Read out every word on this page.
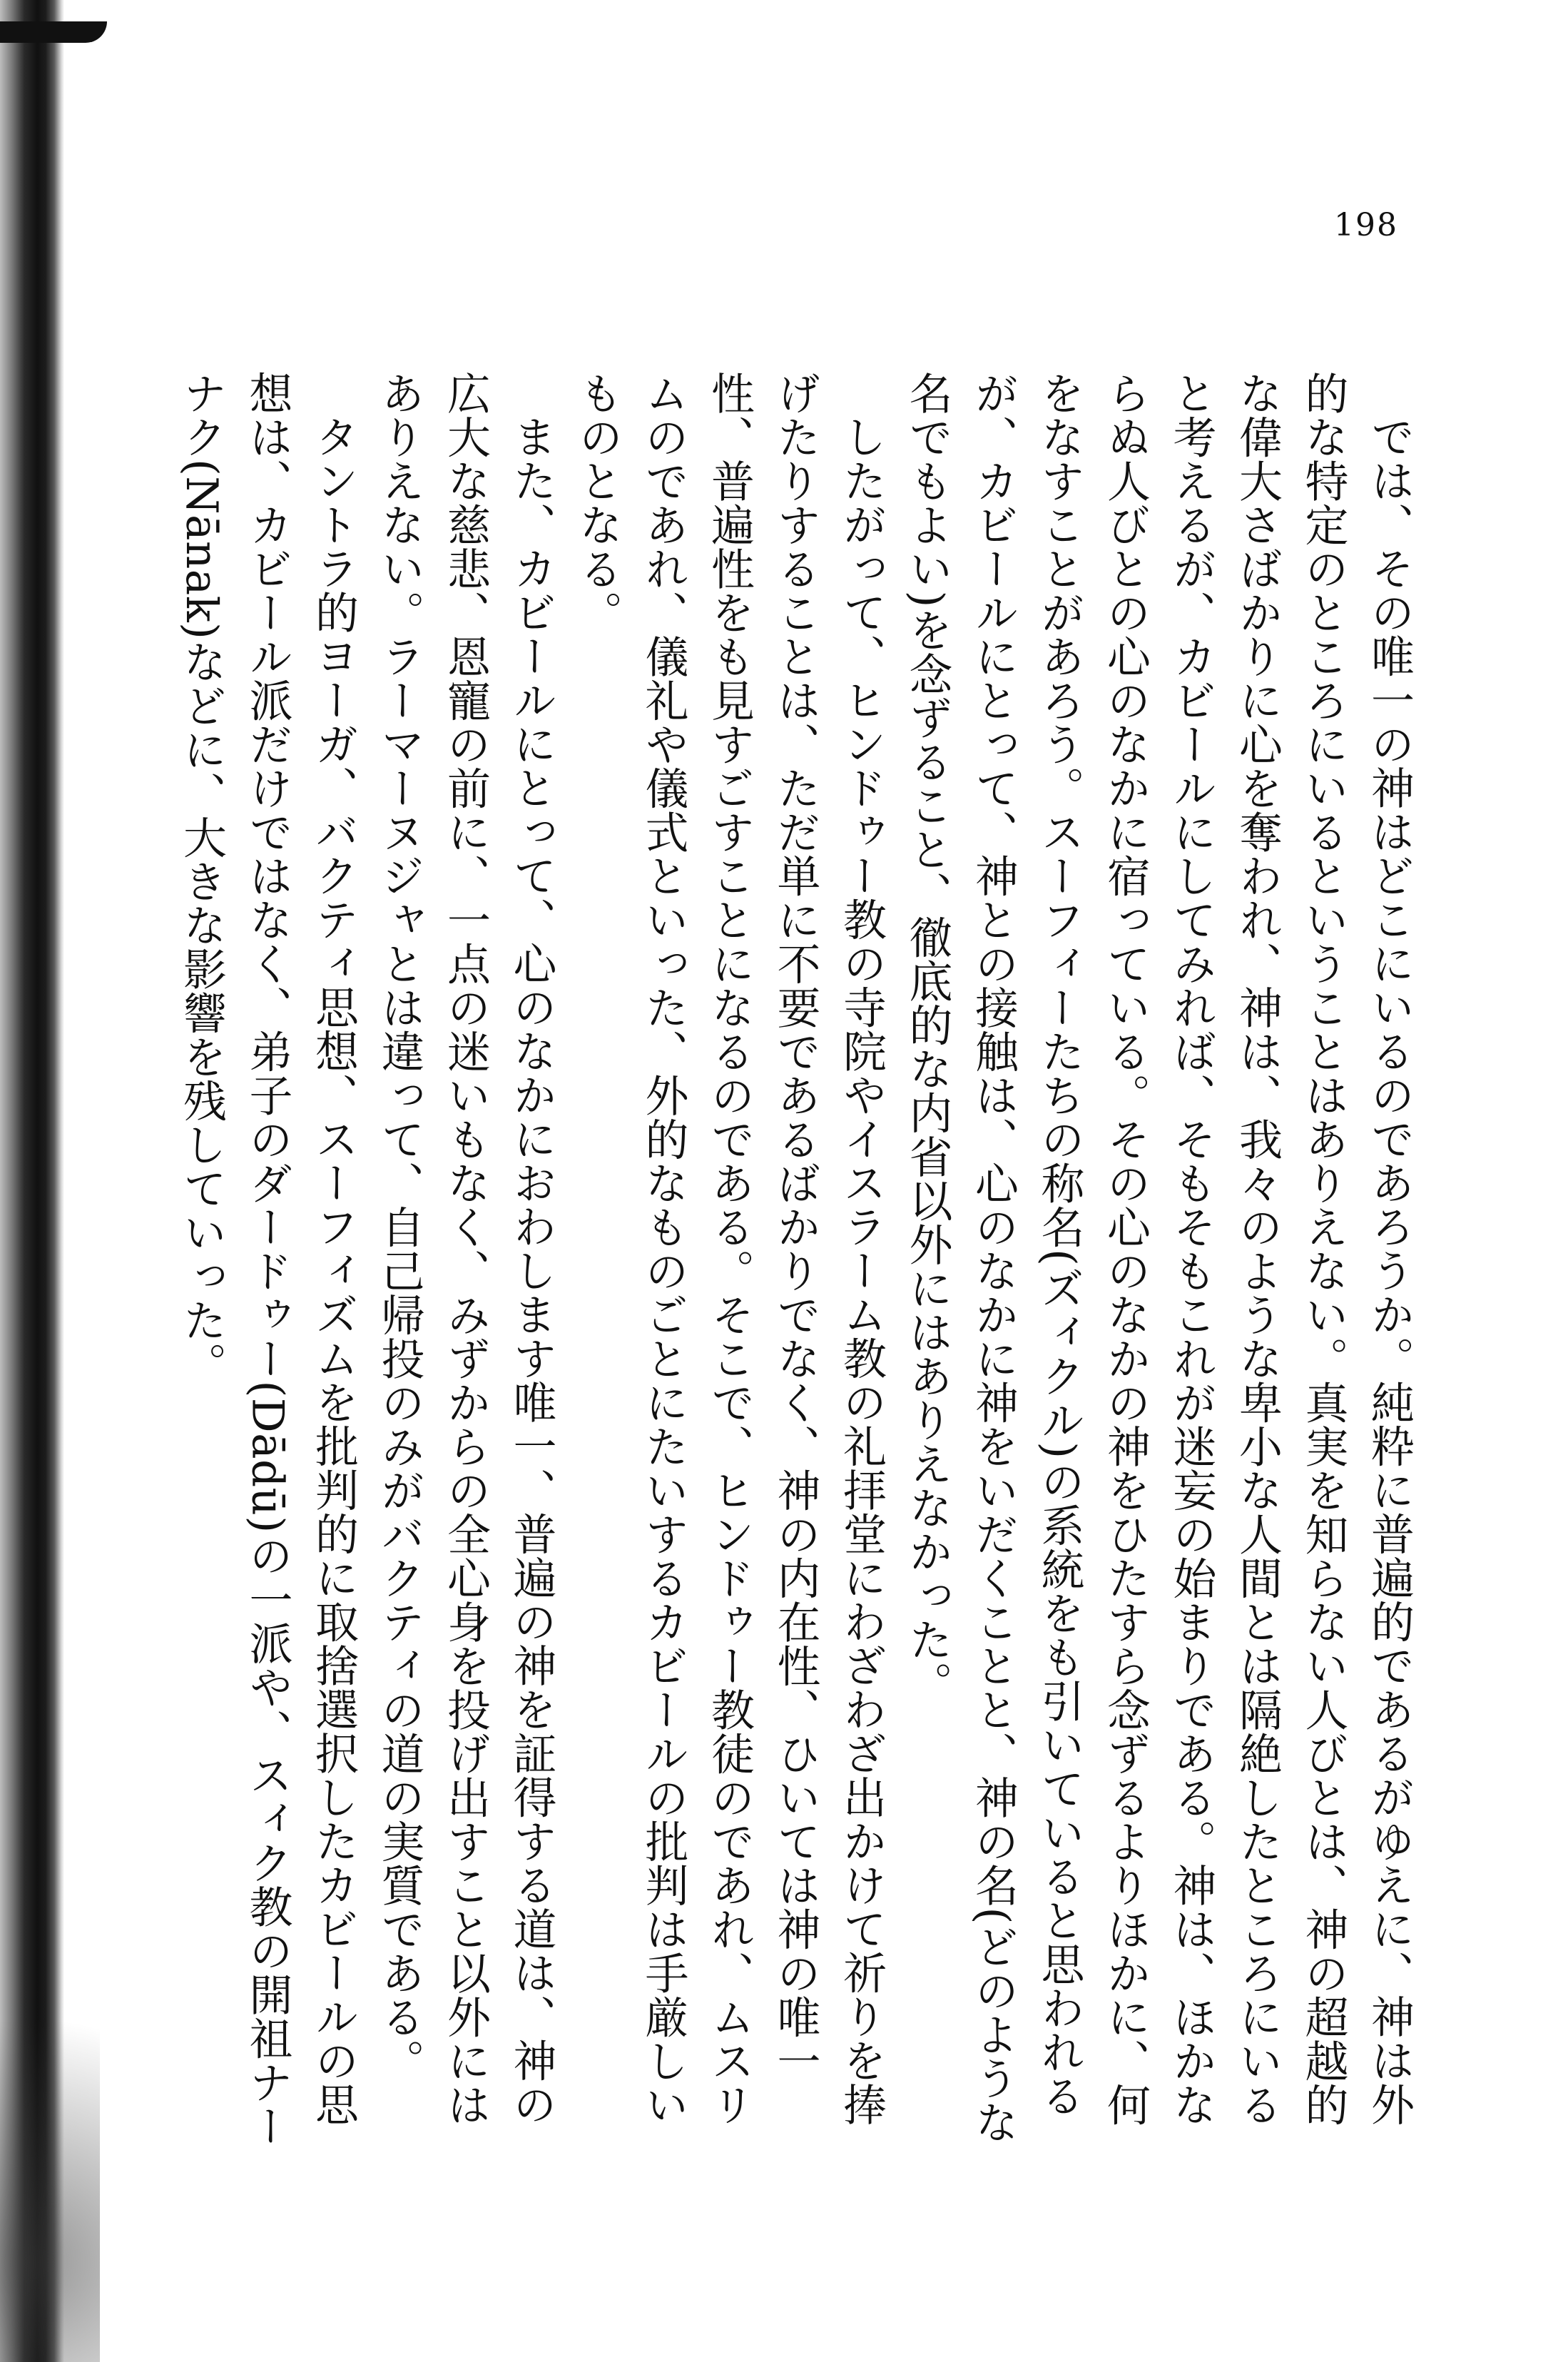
198

では、その唯一の神はどこにいるのであろうか。純粋に普遍的であるがゆえに、神は外的な特定のところにいるということはありえない。真実を知らない人びとは、神の超越的な偉大さばかりに心を奪われ、神は、我々のような卑小な人間とは隔絶したところにいると考えるが、カビールにしてみれば、そもそもこれが迷妄の始まりである。神は、ほかならぬ人びとの心のなかに宿っている。その心のなかの神をひたすら念ずるよりほかに、何をなすことがあろう。スーフィーたちの称名(ズィクル)の系統をも引いていると思われるが、カビールにとって、神との接触は、心のなかに神をいだくことと、神の名(どのような名でもよい)を念ずること、徹底的な内省以外にはありえなかった。

したがって、ヒンドゥー教の寺院やイスラーム教の礼拝堂にわざわざ出かけて祈りを捧げたりすることは、ただ単に不要であるばかりでなく、神の内在性、ひいては神の唯一性、普遍性をも見すごすことになるのである。そこで、ヒンドゥー教徒のであれ、ムスリムのであれ、儀礼や儀式といった、外的なものごとにたいするカビールの批判は手厳しいものとなる。

また、カビールにとって、心のなかにおわします唯一、普遍の神を証得する道は、神の広大な慈悲、恩寵の前に、一点の迷いもなく、みずからの全心身を投げ出すこと以外にはありえない。ラーマーヌジャとは違って、自己帰投のみがバクティの道の実質である。

タントラ的ヨーガ、バクティ思想、スーフィズムを批判的に取捨選択したカビールの思想は、カビール派だけではなく、弟子のダードゥー(Dādū)の一派や、スィク教の開祖ナーナク(Nānak)などに、大きな影響を残していった。
